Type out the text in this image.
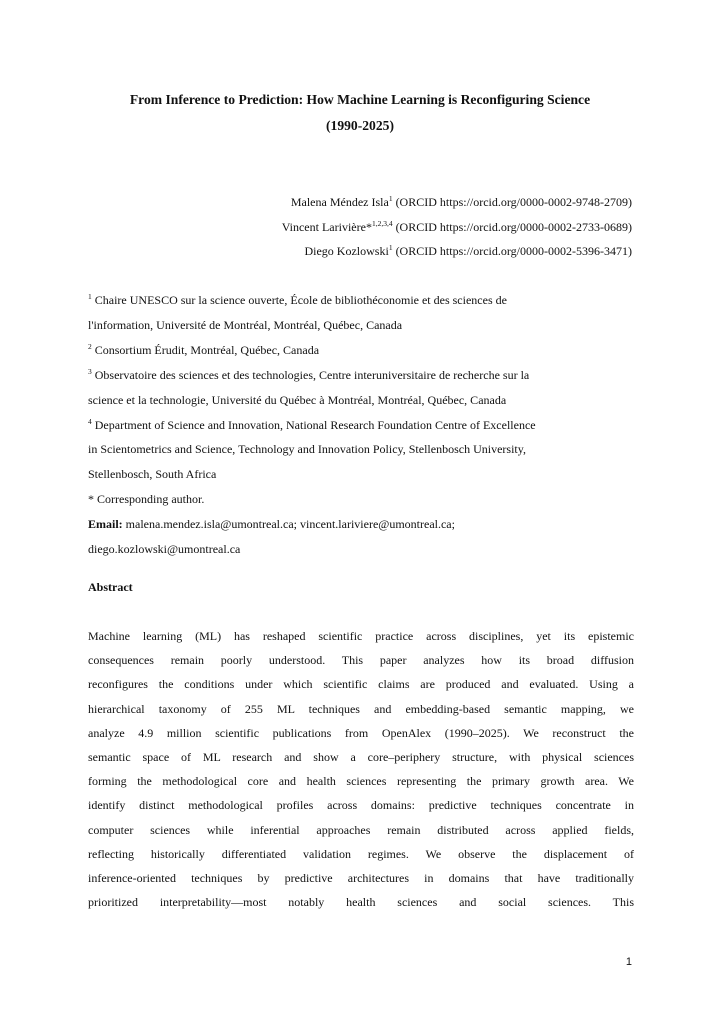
From Inference to Prediction: How Machine Learning is Reconfiguring Science
(1990-2025)
Malena Méndez Isla$^1$ (ORCID https://orcid.org/0000-0002-9748-2709)
Vincent Larivière*$^{1,2,3,4}$ (ORCID https://orcid.org/0000-0002-2733-0689)
Diego Kozlowski$^1$ (ORCID https://orcid.org/0000-0002-5396-3471)
$^1$ Chaire UNESCO sur la science ouverte, École de bibliothéconomie et des sciences de
l'information, Université de Montréal, Montréal, Québec, Canada
$^2$ Consortium Érudit, Montréal, Québec, Canada
$^3$ Observatoire des sciences et des technologies, Centre interuniversitaire de recherche sur la
science et la technologie, Université du Québec à Montréal, Montréal, Québec, Canada
$^4$ Department of Science and Innovation, National Research Foundation Centre of Excellence
in Scientometrics and Science, Technology and Innovation Policy, Stellenbosch University,
Stellenbosch, South Africa
* Corresponding author.
Email: malena.mendez.isla@umontreal.ca; vincent.lariviere@umontreal.ca;
diego.kozlowski@umontreal.ca
Abstract
Machine learning (ML) has reshaped scientific practice across disciplines, yet its epistemic
consequences remain poorly understood. This paper analyzes how its broad diffusion
reconfigures the conditions under which scientific claims are produced and evaluated. Using a
hierarchical taxonomy of 255 ML techniques and embedding-based semantic mapping, we
analyze 4.9 million scientific publications from OpenAlex (1990–2025). We reconstruct the
semantic space of ML research and show a core–periphery structure, with physical sciences
forming the methodological core and health sciences representing the primary growth area. We
identify distinct methodological profiles across domains: predictive techniques concentrate in
computer sciences while inferential approaches remain distributed across applied fields,
reflecting historically differentiated validation regimes. We observe the displacement of
inference-oriented techniques by predictive architectures in domains that have traditionally
prioritized interpretability—most notably health sciences and social sciences. This
1
